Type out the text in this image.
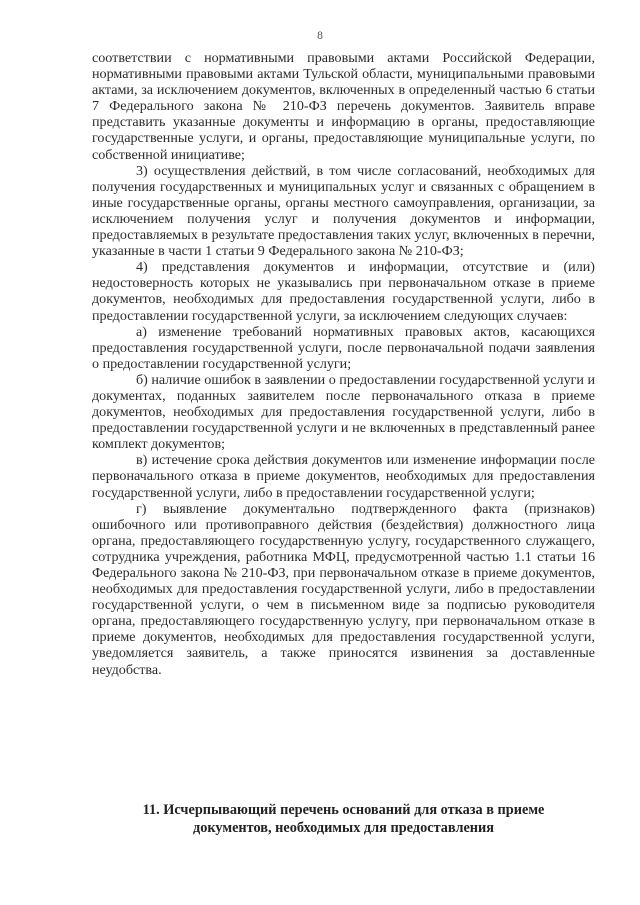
8

соответствии с нормативными правовыми актами Российской Федерации, нормативными правовыми актами Тульской области, муниципальными правовыми актами, за исключением документов, включенных в определенный частью 6 статьи 7 Федерального закона № 210-ФЗ перечень документов. Заявитель вправе представить указанные документы и информацию в органы, предоставляющие государственные услуги, и органы, предоставляющие муниципальные услуги, по собственной инициативе;

3) осуществления действий, в том числе согласований, необходимых для получения государственных и муниципальных услуг и связанных с обращением в иные государственные органы, органы местного самоуправления, организации, за исключением получения услуг и получения документов и информации, предоставляемых в результате предоставления таких услуг, включенных в перечни, указанные в части 1 статьи 9 Федерального закона № 210-ФЗ;

4) представления документов и информации, отсутствие и (или) недостоверность которых не указывались при первоначальном отказе в приеме документов, необходимых для предоставления государственной услуги, либо в предоставлении государственной услуги, за исключением следующих случаев:

а) изменение требований нормативных правовых актов, касающихся предоставления государственной услуги, после первоначальной подачи заявления о предоставлении государственной услуги;

б) наличие ошибок в заявлении о предоставлении государственной услуги и документах, поданных заявителем после первоначального отказа в приеме документов, необходимых для предоставления государственной услуги, либо в предоставлении государственной услуги и не включенных в представленный ранее комплект документов;

в) истечение срока действия документов или изменение информации после первоначального отказа в приеме документов, необходимых для предоставления государственной услуги, либо в предоставлении государственной услуги;

г) выявление документально подтвержденного факта (признаков) ошибочного или противоправного действия (бездействия) должностного лица органа, предоставляющего государственную услугу, государственного служащего, сотрудника учреждения, работника МФЦ, предусмотренной частью 1.1 статьи 16 Федерального закона № 210-ФЗ, при первоначальном отказе в приеме документов, необходимых для предоставления государственной услуги, либо в предоставлении государственной услуги, о чем в письменном виде за подписью руководителя органа, предоставляющего государственную услугу, при первоначальном отказе в приеме документов, необходимых для предоставления государственной услуги, уведомляется заявитель, а также приносятся извинения за доставленные неудобства.

11. Исчерпывающий перечень оснований для отказа в приеме
документов, необходимых для предоставления
